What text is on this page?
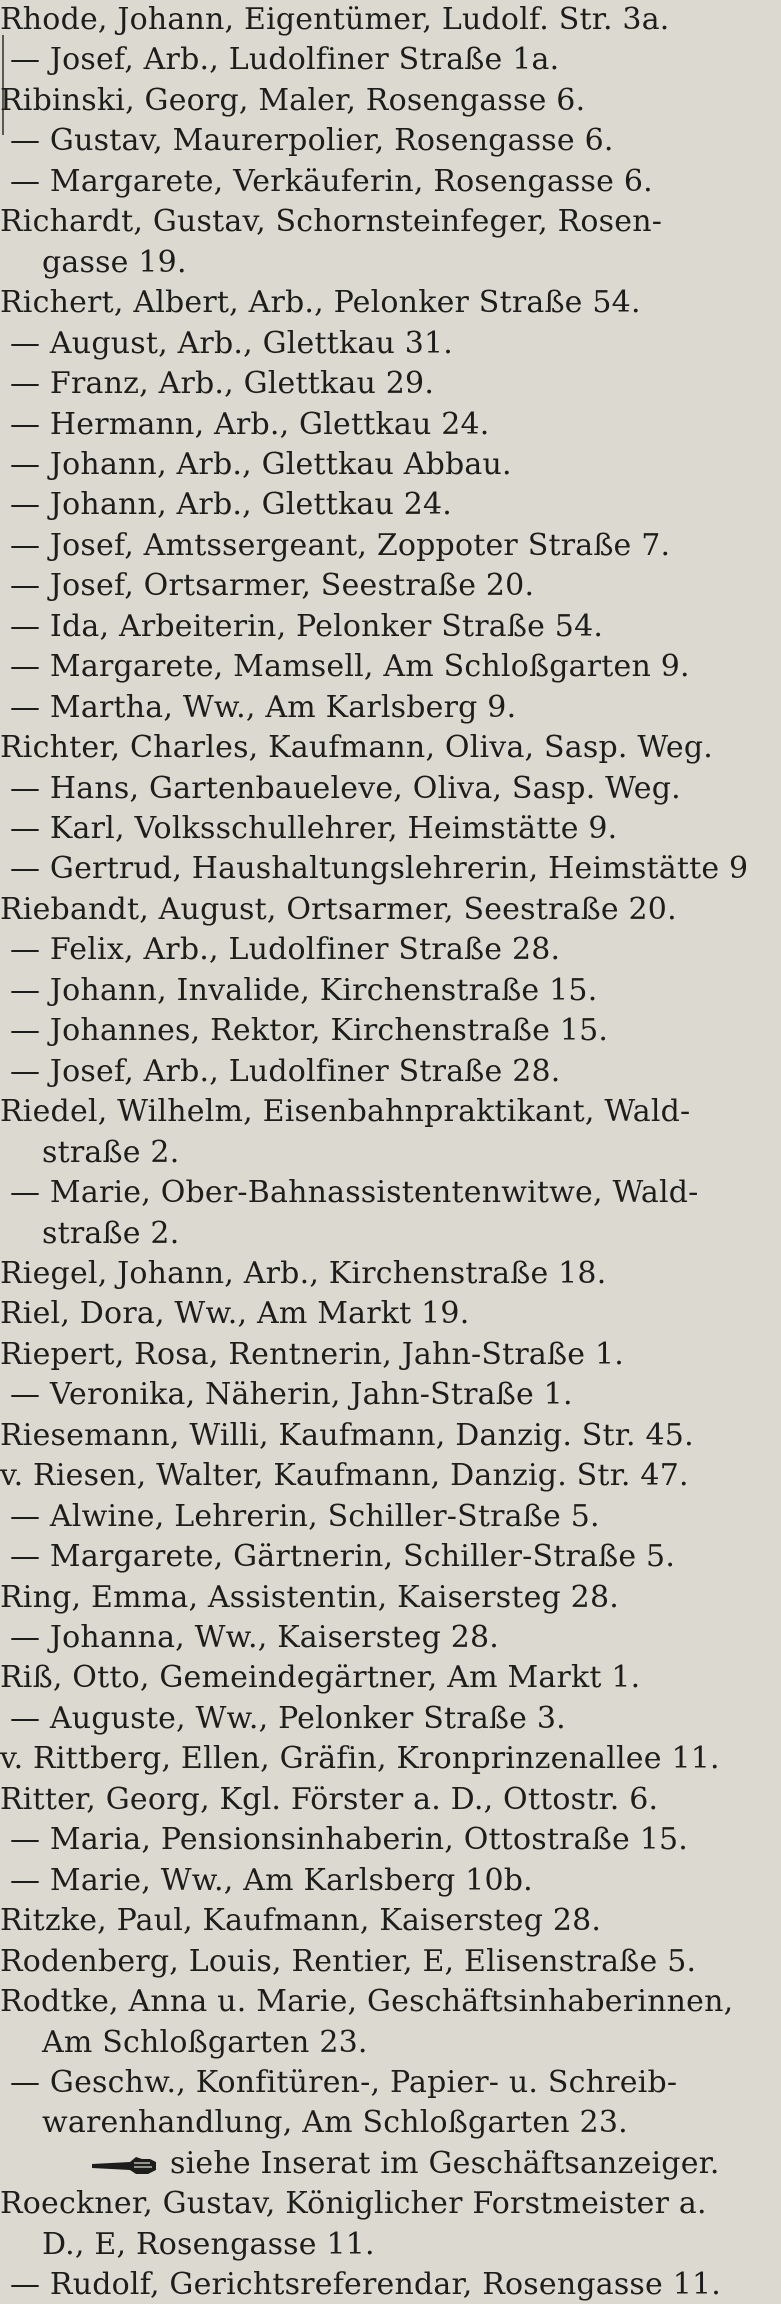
Rhode, Johann, Eigentümer, Ludolf. Str. 3a.
— Josef, Arb., Ludolfiner Straße 1a.
Ribinski, Georg, Maler, Rosengasse 6.
— Gustav, Maurerpolier, Rosengasse 6.
— Margarete, Verkäuferin, Rosengasse 6.
Richardt, Gustav, Schornsteinfeger, Rosen-
gasse 19.
Richert, Albert, Arb., Pelonker Straße 54.
— August, Arb., Glettkau 31.
— Franz, Arb., Glettkau 29.
— Hermann, Arb., Glettkau 24.
— Johann, Arb., Glettkau Abbau.
— Johann, Arb., Glettkau 24.
— Josef, Amtssergeant, Zoppoter Straße 7.
— Josef, Ortsarmer, Seestraße 20.
— Ida, Arbeiterin, Pelonker Straße 54.
— Margarete, Mamsell, Am Schloßgarten 9.
— Martha, Ww., Am Karlsberg 9.
Richter, Charles, Kaufmann, Oliva, Sasp. Weg.
— Hans, Gartenbaueleve, Oliva, Sasp. Weg.
— Karl, Volksschullehrer, Heimstätte 9.
— Gertrud, Haushaltungslehrerin, Heimstätte 9
Riebandt, August, Ortsarmer, Seestraße 20.
— Felix, Arb., Ludolfiner Straße 28.
— Johann, Invalide, Kirchenstraße 15.
— Johannes, Rektor, Kirchenstraße 15.
— Josef, Arb., Ludolfiner Straße 28.
Riedel, Wilhelm, Eisenbahnpraktikant, Wald-
straße 2.
— Marie, Ober-Bahnassistentenwitwe, Wald-
straße 2.
Riegel, Johann, Arb., Kirchenstraße 18.
Riel, Dora, Ww., Am Markt 19.
Riepert, Rosa, Rentnerin, Jahn-Straße 1.
— Veronika, Näherin, Jahn-Straße 1.
Riesemann, Willi, Kaufmann, Danzig. Str. 45.
v. Riesen, Walter, Kaufmann, Danzig. Str. 47.
— Alwine, Lehrerin, Schiller-Straße 5.
— Margarete, Gärtnerin, Schiller-Straße 5.
Ring, Emma, Assistentin, Kaisersteg 28.
— Johanna, Ww., Kaisersteg 28.
Riß, Otto, Gemeindegärtner, Am Markt 1.
— Auguste, Ww., Pelonker Straße 3.
v. Rittberg, Ellen, Gräfin, Kronprinzenallee 11.
Ritter, Georg, Kgl. Förster a. D., Ottostr. 6.
— Maria, Pensionsinhaberin, Ottostraße 15.
— Marie, Ww., Am Karlsberg 10b.
Ritzke, Paul, Kaufmann, Kaisersteg 28.
Rodenberg, Louis, Rentier, E, Elisenstraße 5.
Rodtke, Anna u. Marie, Geschäftsinhaberinnen,
Am Schloßgarten 23.
— Geschw., Konfitüren-, Papier- u. Schreib-
warenhandlung, Am Schloßgarten 23.
siehe Inserat im Geschäftsanzeiger.
Roeckner, Gustav, Königlicher Forstmeister a.
D., E, Rosengasse 11.
— Rudolf, Gerichtsreferendar, Rosengasse 11.
